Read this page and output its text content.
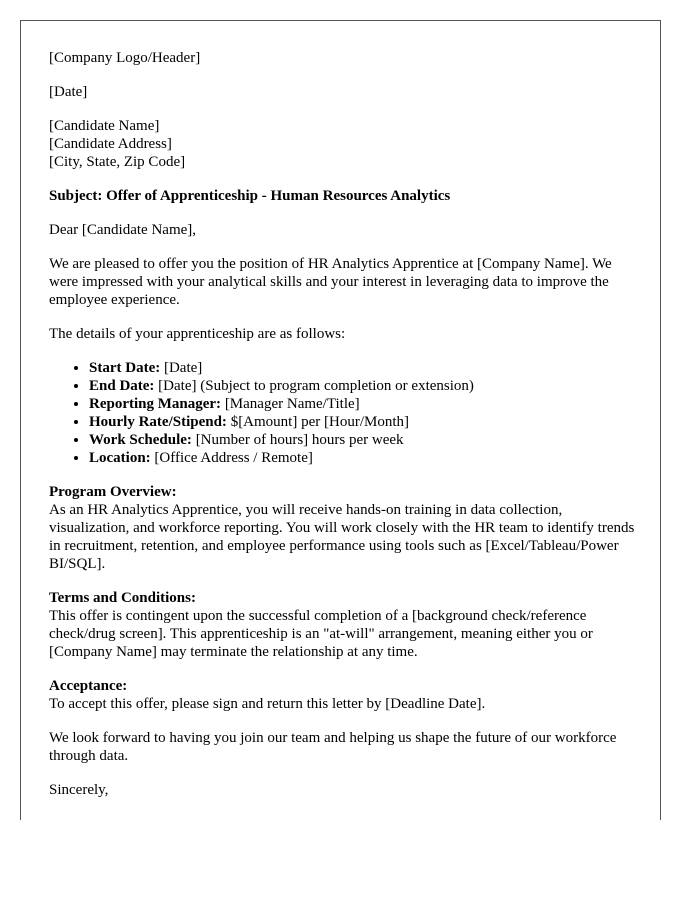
[Company Logo/Header]

[Date]

[Candidate Name]
[Candidate Address]
[City, State, Zip Code]

Subject: Offer of Apprenticeship - Human Resources Analytics

Dear [Candidate Name],

We are pleased to offer you the position of HR Analytics Apprentice at [Company Name]. We were impressed with your analytical skills and your interest in leveraging data to improve the employee experience.

The details of your apprenticeship are as follows:

• Start Date: [Date]
• End Date: [Date] (Subject to program completion or extension)
• Reporting Manager: [Manager Name/Title]
• Hourly Rate/Stipend: $[Amount] per [Hour/Month]
• Work Schedule: [Number of hours] hours per week
• Location: [Office Address / Remote]
Program Overview:
As an HR Analytics Apprentice, you will receive hands-on training in data collection, visualization, and workforce reporting. You will work closely with the HR team to identify trends in recruitment, retention, and employee performance using tools such as [Excel/Tableau/Power BI/SQL].
Terms and Conditions:
This offer is contingent upon the successful completion of a [background check/reference check/drug screen]. This apprenticeship is an "at-will" arrangement, meaning either you or [Company Name] may terminate the relationship at any time.
Acceptance:
To accept this offer, please sign and return this letter by [Deadline Date].

We look forward to having you join our team and helping us shape the future of our workforce through data.

Sincerely,
